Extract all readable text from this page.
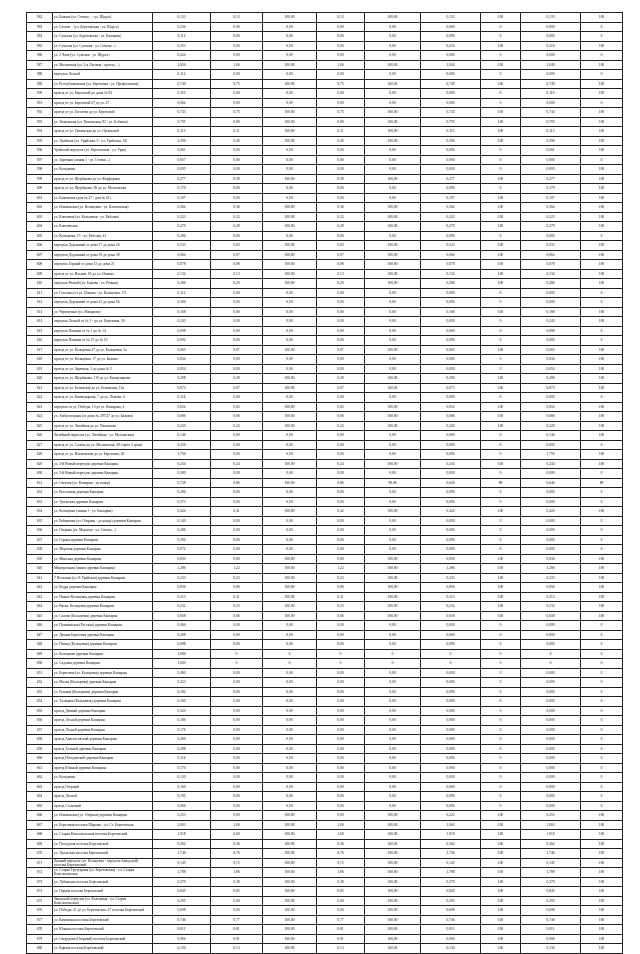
582	ул. Бажова (ул. Сечено... - ул. Щорса)	0,133	0,13	100,00	0,13	100,00	0,133	100	0,133	100
583	ул. Сечено... (ул. Березовская - ул. Щорса)	0,236	0,98	0,00	0,00	0,00	0,000	0	0,000	0
584	ул. Сумская (ул. Березовская - ул. Кашарин)	0,111	0,00	0,00	0,00	0,00	0,000	0	0,000	0
585	ул. Сумская (ул. Сумская - ул. Сечено...)	0,253	0,00	0,00	0,00	0,00	0,216	100	0,216	100
586	ул. 2 Чапа (ул. Сумская - ул. Щорса)	0,224	0,00	0,00	0,00	0,00	0,000	0	0,000	0
587	ул. Малинская (ул. 2-я Луговая - проезд ...)	2,656	1,06	100,00	1,06	100,00	1,040	100	1,040	100
588	переулок Лесной	0,112	0,00	0,00	0,00	0,00	0,000	0	0,000	0
589	ул. Республиканская (ул. Березовая - ул. Профсоюзная)	0,749	0,75	100,00	0,75	100,00	0,749	100	0,749	100
590	проезд от ул. Березовой до дома № 92	0,110	0,00	0,00	0,00	0,00	0,000	0	0,110	100
591	проезд от ул. Березовой 27 до ул. 27	0,062	0,00	0,00	0,00	0,00	0,000	0	0,000	0
592	проезд от ул. Гоголева до ул. Березовой	0,743	0,75	100,00	0,75	100,00	0,743	100	0,743	100
593	ул. Тюменская (ул. Тюменская, 82 - ул. Бобкова)	0,795	0,80	100,00	0,80	100,00	0,795	100	0,795	100
594	проезд от ул. Тюменская до ул. Орловской	0,113	0,11	100,00	0,11	100,00	0,113	100	0,113	100
595	ул. Урайская (ул. Урайская, 3 - ул. Урайская, 1б)	2,396	0,40	100,00	0,40	100,00	0,396	100	0,396	100
596	Урайский переулок (ул. Березовская - ул. Урая)	0,061	0,00	0,00	0,00	0,00	0,000	0	0,061	100
597	ул. Заречная (линия 1 - ул. Сечено...)	0,657	0,00	0,00	0,00	0,00	0,000	0	0,000	0
598	ул. Кольцевая	0,095	0,00	0,00	0,00	0,00	0,000	0	0,095	100
599	проезд от ул. Щербакова до ул. Фарфорная	0,277	0,38	100,00	0,38	100,00	0,277	100	0,277	100
600	проезд от ул. Щербакова, 96 до ул. Московская	0,179	0,00	0,00	0,00	0,00	0,000	0	0,179	100
601	ул. Бажовская (дом № 27 - дом № 61)	0,107	0,00	0,00	0,00	0,00	0,107	100	0,107	100
602	ул. Ильменская (ул. Кольцевая - ул. Ключевская)	0,362	0,38	100,00	0,38	100,00	0,362	100	0,362	100
603	ул. Ключевая (ул. Кольцевая - ул. Рабочая)	0,223	0,22	100,00	0,22	100,00	0,223	100	0,223	100
604	ул. Ключевская	0,279	0,28	100,00	0,28	100,00	0,279	100	0,279	100
605	ул. Кольцевая, 15 - ул. Рабочая, 41	0,286	0,00	0,00	0,00	0,00	0,000	0	0,000	0
606	переулок Дорожный от дома 17 до дома 26	0,533	0,83	100,00	0,83	100,00	0,533	100	0,533	100
607	переулок Дорожный от дома 35 до дома 38	0,064	0,07	100,00	0,07	100,00	0,064	100	0,064	100
608	переулок Горный от дома 15 до дома 21	0,078	0,08	100,00	0,08	100,00	0,078	100	0,078	100
609	проезд от ул. Ильина, 65 до ул. Ильина	0,134	0,13	100,00	0,13	100,00	0,134	100	0,134	100
610	переулок Речной (ул. Бажова - ул. Речная)	0,286	0,29	100,00	0,29	100,00	0,286	100	0,286	100
611	ул. Гоголева (от ул. Ильина - ул. Кольцевая, 17)	0,112	0,00	0,00	0,00	0,00	0,000	0	0,000	0
612	переулок Дорожный от дома 41 до дома 56	0,300	0,00	0,00	0,00	0,00	0,000	0	0,000	0
613	ул. Черемушки (ул. Макарова)	0,168	0,00	0,00	0,00	0,00	0,168	100	0,168	100
614	переулок Лесной от № 1 - до ул. Березовая, 30	0,243	0,00	0,00	0,00	0,00	0,000	0	0,243	100
615	переулок Пашина от № 1 до № 14	0,098	0,00	0,00	0,00	0,00	0,000	0	0,098	0
616	переулок Пашина от № 15 до № 19	0,092	0,00	0,00	0,00	0,00	0,000	0	0,000	0
617	проезд от ул. Кольцевая 27 до ул. Кольцевая, 3а	0,065	0,07	100,00	0,07	100,00	0,065	100	0,065	100
618	проезд от ул. Кольцевая, 17 до ул. Бажова	0,034	0,00	0,00	0,00	0,00	0,000	0	0,034	100
619	проезд от ул. Заречная, 1 до дома № 5	0,054	0,00	0,00	0,00	0,00	0,000	0	0,054	100
620	проезд от ул. Щербакова, 119 до ул. Коммунарова	0,298	0,30	100,00	0,30	100,00	0,298	100	0,298	100
621	проезд от ул. Белинская до ул. Белинская, 13а	0,073	0,07	100,00	0,07	100,00	0,073	100	0,073	100
622	проезд от ул. Коммунарова, 7 до ул. Ломова, 4	0,114	0,00	0,00	0,00	0,00	0,000	0	0,000	0
623	переулок от ул. Победы, 13 до ул. Комарова, 4	0,052	0,05	100,00	0,05	100,00	0,052	100	0,052	100
624	ул. Амбулаторная (от дома № 297/27 до ул. Бажова)	0,686	0,66	100,00	0,66	100,00	0,686	100	0,686	100
625	проезд от ул. Литейная до ул. Пашинова	0,220	0,22	100,00	0,22	100,00	0,220	100	0,220	100
626	Литейный переулок (ул. Литейная - ул. Московская)	0,146	0,00	0,00	0,00	0,00	0,000	0	0,146	100
627	проезд от ул. Салова до ул. Московская, 49 (через 3 дома)	0,226	0,00	0,00	0,00	0,00	0,000	0	0,000	0
628	проезд от ул. Ильменская до ул. Березовая, 20	1,750	0,00	0,00	0,00	0,00	0,000	0	1,750	100
629	ул. 3-й Новый переулок деревни Кашарин	0,234	0,24	100,00	0,24	100,00	0,234	100	0,234	100
630	ул. 5-й Новый переулок деревни Кашарин	0,380	0,00	0,00	0,00	0,00	0,000	0	0,000	0
631	ул. Светлая (ул. Кашарин - до конца)	0,728	0,86	100,00	0,86	98,86	0,640	88	0,640	88
632	ул. Восточная деревни Кашарин	0,286	0,00	0,00	0,00	0,00	0,000	0	0,000	0
633	ул. Уральская деревни Кашарин	0,373	0,00	0,00	0,00	0,00	0,000	0	0,000	0
634	ул. Кольцевая (линия 1 - ул. Кашарин)	0,424	0,41	100,00	0,42	100,00	0,424	100	0,424	100
635	ул. Рябиновая (ул. Озерная - до конца) деревни Кашарин	0,149	0,00	0,00	0,00	0,00	0,000	0	0,000	0
636	ул. Озерная (ул. Морская - ул. Сечено...)	0,286	0,00	0,00	0,00	0,00	0,000	0	0,000	0
637	ул. Горная деревни Кашарин	0,394	0,00	0,00	0,00	0,00	0,000	0	0,000	0
638	ул. Морская деревни Кашарин	0,072	0,00	0,00	0,00	0,00	0,000	0	0,000	0
639	ул. Минская деревни Кашарин	0,830	0,80	100,00	0,80	100,00	0,830	100	0,830	100
640	Минеральная (линия деревни Кашарин)	1,286	1,22	100,00	1,22	100,00	1,286	100	1,286	100
641	7 Песчаная (ул. Е.Урайская) деревни Кашарин	0,233	0,23	100,00	0,23	100,00	0,233	100	0,233	100
642	ул. Кедра деревни Кашарин	0,856	0,86	100,00	0,86	100,00	0,856	100	0,856	100
643	ул. Нижне-Кольцевая деревни Кашарин	0,313	0,31	100,00	0,31	100,00	0,313	100	0,313	100
644	ул. Вятка, Кольцевая деревни Кашарин	0,232	0,23	100,00	0,23	100,00	0,232	100	0,232	100
645	ул. Салова (Кольцевая) деревни Кашарин	0,658	0,66	100,00	0,66	100,00	0,658	100	0,658	100
646	ул. Пушкинская (Русская) деревни Кашарин	0,466	0,00	0,00	0,00	0,00	0,000	0	0,000	0
647	ул. Дачная Береговая деревни Кашарин	0,208	0,00	0,00	0,00	0,00	0,000	0	0,000	0
648	ул. Птицы (Кольцевая) деревни Кашарин	0,098	0,00	0,00	0,00	0,00	0,000	0	0,000	0
649	ул. Кольцевая деревни Кашарин	1,000	0	0	0	0	0	0	0	0
650	ул. Садовая деревни Кашарин	1,000	0	0	0	0	0	0	0	0
651	ул. Береговая (ул. Кольцевая) деревни Кашарин	0,480	0,00	0,00	0,00	0,00	0,000	0	0,000	0
652	ул. Малая (Кольцевая) деревни Кашарин	0,223	0,00	0,00	0,00	0,00	0,000	0	0,000	0
653	ул. Рощина (Кольцевая) деревни Кашарин	0,182	0,00	0,00	0,00	0,00	0,000	0	0,000	0
654	ул. Талицкая (Кольцевая) деревни Кашарин	0,160	0,00	0,00	0,00	0,00	0,000	0	0,000	0
655	проезд Дачный деревни Кашарин	0,320	0,00	0,00	0,00	0,00	0,000	0	0,000	0
656	проезд Лесной деревни Кашарин	0,186	0,00	0,00	0,00	0,00	0,000	0	0,000	0
657	проезд Лесной деревни Кашарин	0,176	0,00	0,00	0,00	0,00	0,000	0	0,000	0
658	проезд Анастасовский деревни Кашарин	0,260	0,00	0,00	0,00	0,00	0,000	0	0,000	0
659	проезд Тальной деревни Кашарин	0,288	0,00	0,00	0,00	0,00	0,000	0	0,000	0
660	проезд Погодовский деревни Кашарин	0,114	0,00	0,00	0,00	0,00	0,000	0	0,000	0
661	проезд Южный деревни Кашарин	0,170	0,00	0,00	0,00	0,00	0,000	0	0,000	0
662	ул. Кольцевая	0,120	0,00	0,00	0,00	0,00	0,000	0	0,000	0
663	проезд Озерный	0,160	0,00	0,00	0,00	0,00	0,000	0	0,000	0
664	проезд Лесной	0,195	0,00	0,00	0,00	0,00	0,000	0	0,000	0
665	проезд Сосновый	0,066	0,00	0,00	0,00	0,00	0,000	0	0,000	0
666	ул. Ильменская (ул. Озерная) деревни Кашарин	0,253	0,00	100,00	0,00	100,00	0,223	100	0,253	100
667	ул. Березовая поселка Шарташ - ул. Ст. Березовская	2,003	1,00	100,00	1,00	100,00	1,063	100	1,063	100
668	ул. Старая Комсомольская поселка Березовский	1,918	0,60	100,00	1,60	100,00	1,918	100	1,918	100
669	ул. Посадская поселка Березовский	0,362	0,36	100,00	0,36	100,00	0,362	100	0,362	100
670	ул. Уральская поселка Березовский	1,746	0,76	100,00	0,76	100,00	1,746	100	1,746	100
671	Дачный переулок (ул. Кольцевая - переулок Заводской) поселка Березовский	0,145	0,15	100,00	0,15	100,00	0,145	100	0,145	100
672	ул. Старая Тротуарная (ул. Березовская) - ул. Старая Комсомольская	1,788	1,86	100,00	1,86	100,00	1,788	100	1,788	100
673	ул. Лубянская поселка Березовский	0,379	0,38	100,00	0,38	100,00	0,379	100	0,379	100
674	ул. Первая поселка Березовский	0,845	0,85	100,00	0,85	100,00	0,845	100	0,845	100
675	Заводской переулок (ул. Кольцевая - ул. Старая Комсомольская)	0,295	0,00	100,00	0,00	100,00	0,295	100	0,295	100
676	ул. Победы, 21 до ул. Березовская, 27 поселка Березовский	0,698	0,00	100,00	0,00	100,00	0,698	100	0,698	100
677	ул. Каменская поселка Березовский	0,746	0,77	100,00	0,77	100,00	0,746	100	0,746	100
678	ул. Южная поселка Березовский	0,811	0,81	100,00	0,81	100,00	0,811	100	0,811	100
679	ул. Свердлова (Озерный) поселка Березовский	0,906	0,91	100,00	0,91	100,00	0,906	100	0,906	100
680	ул. Кирова поселка Березовский	0,130	0,13	100,00	0,13	100,00	0,130	100	0,130	100
